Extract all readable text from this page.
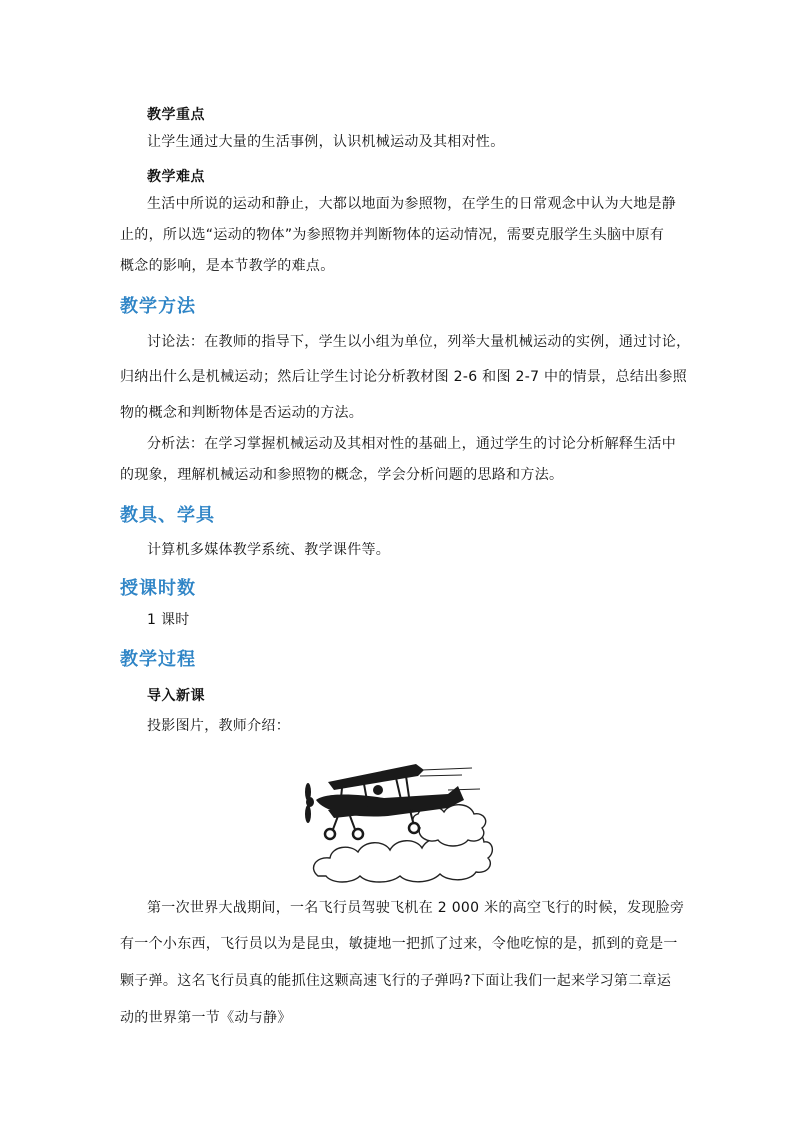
教学重点
让学生通过大量的生活事例，认识机械运动及其相对性。
教学难点
生活中所说的运动和静止，大都以地面为参照物，在学生的日常观念中认为大地是静
止的，所以选“运动的物体”为参照物并判断物体的运动情况，需要克服学生头脑中原有
概念的影响，是本节教学的难点。
教学方法
讨论法：在教师的指导下，学生以小组为单位，列举大量机械运动的实例，通过讨论，
归纳出什么是机械运动；然后让学生讨论分析教材图 2-6 和图 2-7 中的情景，总结出参照
物的概念和判断物体是否运动的方法。
分析法：在学习掌握机械运动及其相对性的基础上，通过学生的讨论分析解释生活中
的现象，理解机械运动和参照物的概念，学会分析问题的思路和方法。
教具、学具
计算机多媒体教学系统、教学课件等。
授课时数
1 课时
教学过程
导入新课
投影图片，教师介绍：
第一次世界大战期间，一名飞行员驾驶飞机在 2 000 米的高空飞行的时候，发现脸旁
有一个小东西，飞行员以为是昆虫，敏捷地一把抓了过来，令他吃惊的是，抓到的竟是一
颗子弹。这名飞行员真的能抓住这颗高速飞行的子弹吗?下面让我们一起来学习第二章运
动的世界第一节《动与静》
